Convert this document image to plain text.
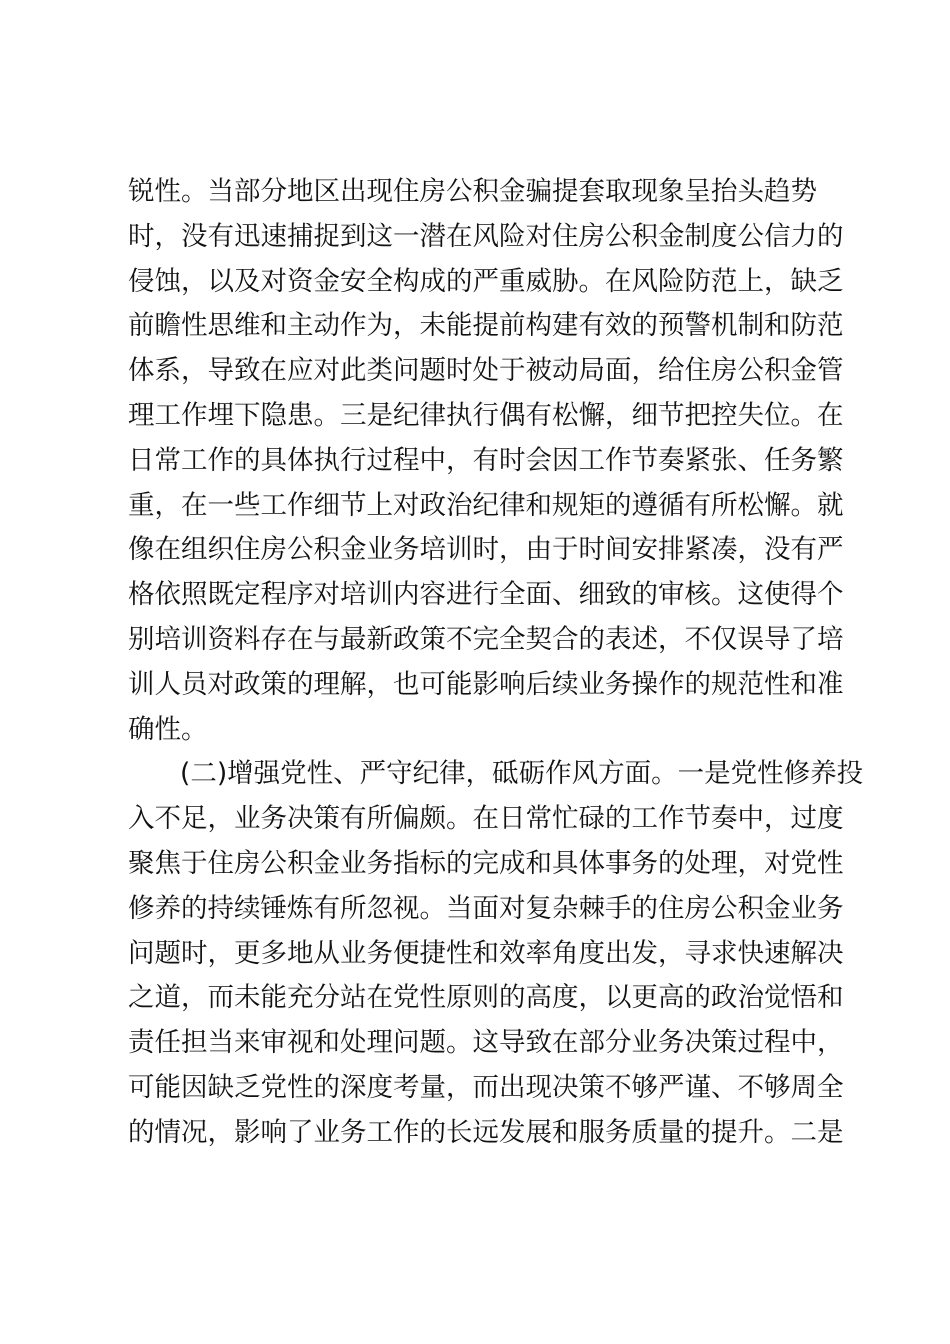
锐性。当部分地区出现住房公积金骗提套取现象呈抬头趋势
时，没有迅速捕捉到这一潜在风险对住房公积金制度公信力的
侵蚀，以及对资金安全构成的严重威胁。在风险防范上，缺乏
前瞻性思维和主动作为，未能提前构建有效的预警机制和防范
体系，导致在应对此类问题时处于被动局面，给住房公积金管
理工作埋下隐患。三是纪律执行偶有松懈，细节把控失位。在
日常工作的具体执行过程中，有时会因工作节奏紧张、任务繁
重，在一些工作细节上对政治纪律和规矩的遵循有所松懈。就
像在组织住房公积金业务培训时，由于时间安排紧凑，没有严
格依照既定程序对培训内容进行全面、细致的审核。这使得个
别培训资料存在与最新政策不完全契合的表述，不仅误导了培
训人员对政策的理解，也可能影响后续业务操作的规范性和准
确性。
(二)增强党性、严守纪律，砥砺作风方面。一是党性修养投
入不足，业务决策有所偏颇。在日常忙碌的工作节奏中，过度
聚焦于住房公积金业务指标的完成和具体事务的处理，对党性
修养的持续锤炼有所忽视。当面对复杂棘手的住房公积金业务
问题时，更多地从业务便捷性和效率角度出发，寻求快速解决
之道，而未能充分站在党性原则的高度，以更高的政治觉悟和
责任担当来审视和处理问题。这导致在部分业务决策过程中，
可能因缺乏党性的深度考量，而出现决策不够严谨、不够周全
的情况，影响了业务工作的长远发展和服务质量的提升。二是
